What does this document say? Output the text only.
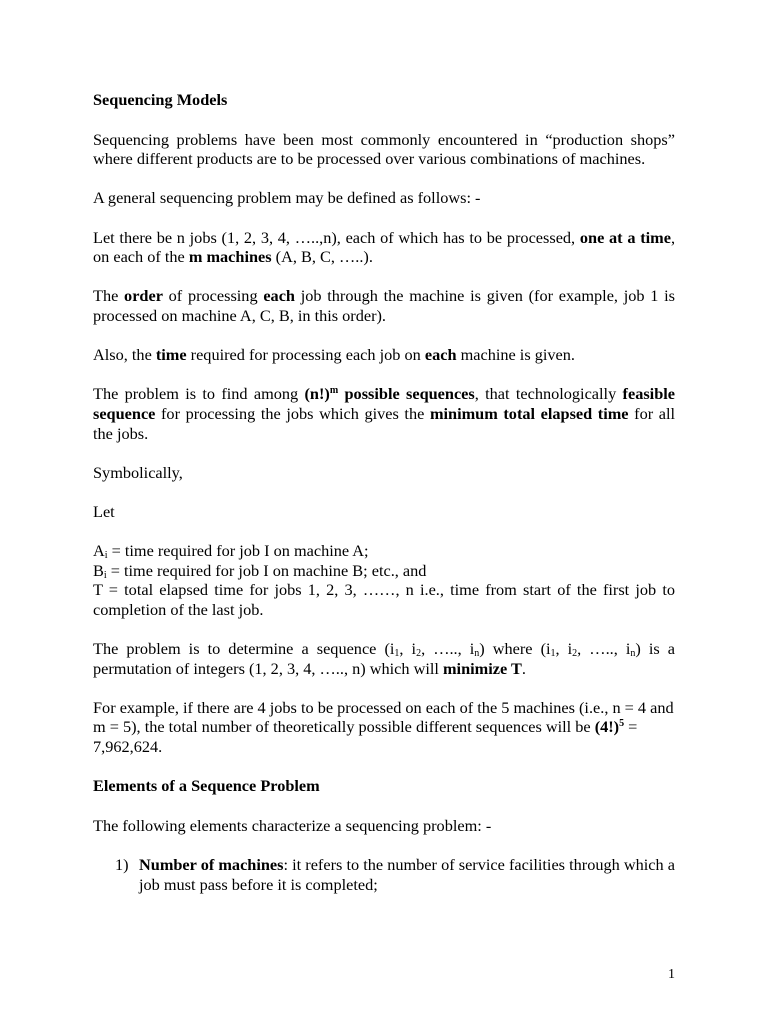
Sequencing Models

Sequencing problems have been most commonly encountered in “production shops” where different products are to be processed over various combinations of machines.

A general sequencing problem may be defined as follows: -

Let there be n jobs (1, 2, 3, 4, …..,n), each of which has to be processed, one at a time, on each of the m machines (A, B, C, …..).

The order of processing each job through the machine is given (for example, job 1 is processed on machine A, C, B, in this order).

Also, the time required for processing each job on each machine is given.

The problem is to find among $(n!)^m$ possible sequences, that technologically feasible sequence for processing the jobs which gives the minimum total elapsed time for all the jobs.

Symbolically,

Let

$A_i$ = time required for job I on machine A;

$B_i$ = time required for job I on machine B; etc., and

T = total elapsed time for jobs 1, 2, 3, ……, n i.e., time from start of the first job to completion of the last job.

The problem is to determine a sequence ($i_1$, $i_2$, ….., $i_n$) where ($i_1$, $i_2$, ….., $i_n$) is a permutation of integers (1, 2, 3, 4, ….., n) which will minimize T.

For example, if there are 4 jobs to be processed on each of the 5 machines (i.e., n = 4 and m = 5), the total number of theoretically possible different sequences will be $(4!)^5 = 7,962,624$.

Elements of a Sequence Problem

The following elements characterize a sequencing problem: -

1) Number of machines: it refers to the number of service facilities through which a job must pass before it is completed;
1
